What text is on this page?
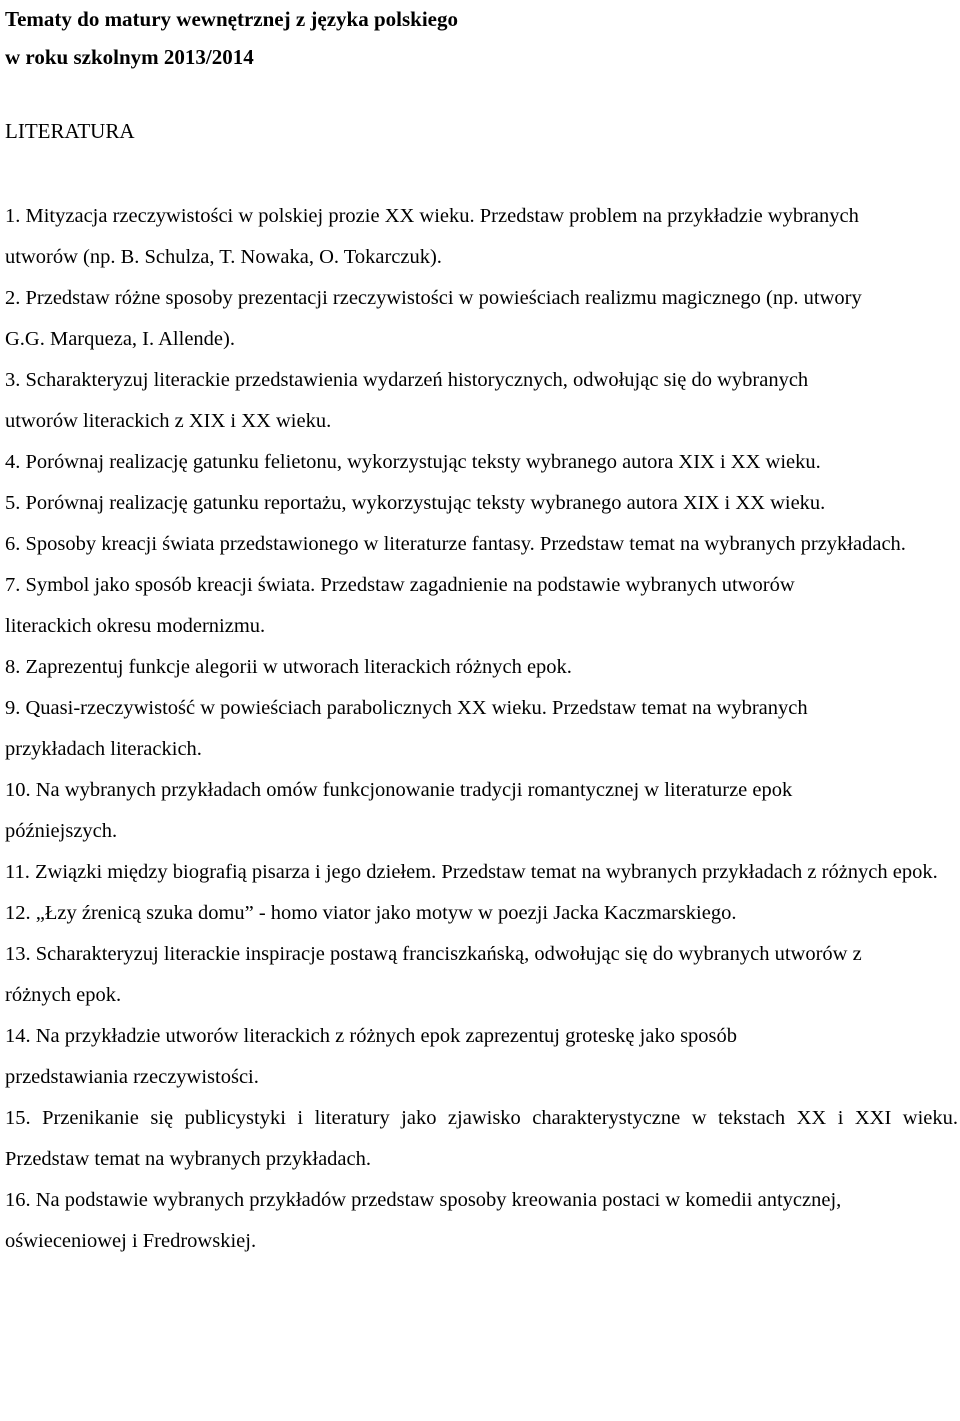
Tematy do matury wewnętrznej z języka polskiego
w roku szkolnym 2013/2014
LITERATURA

1. Mityzacja rzeczywistości w polskiej prozie XX wieku. Przedstaw problem na przykładzie wybranych utworów (np. B. Schulza, T. Nowaka, O. Tokarczuk).

2. Przedstaw różne sposoby prezentacji rzeczywistości w powieściach realizmu magicznego (np. utwory G.G. Marqueza, I. Allende).

3. Scharakteryzuj literackie przedstawienia wydarzeń historycznych, odwołując się do wybranych utworów literackich z XIX i XX wieku.

4. Porównaj realizację gatunku felietonu, wykorzystując teksty wybranego autora XIX i XX wieku.

5. Porównaj realizację gatunku reportażu, wykorzystując teksty wybranego autora XIX i XX wieku.

6. Sposoby kreacji świata przedstawionego w literaturze fantasy. Przedstaw temat na wybranych przykładach.

7. Symbol jako sposób kreacji świata. Przedstaw zagadnienie na podstawie wybranych utworów literackich okresu modernizmu.

8. Zaprezentuj funkcje alegorii w utworach literackich różnych epok.

9. Quasi-rzeczywistość w powieściach parabolicznych XX wieku. Przedstaw temat na wybranych przykładach literackich.

10. Na wybranych przykładach omów funkcjonowanie tradycji romantycznej w literaturze epok późniejszych.

11. Związki między biografią pisarza i jego dziełem. Przedstaw temat na wybranych przykładach z różnych epok.

12. „Łzy źrenicą szuka domu” - homo viator jako motyw w poezji Jacka Kaczmarskiego.

13. Scharakteryzuj literackie inspiracje postawą franciszkańską, odwołując się do wybranych utworów z różnych epok.

14. Na przykładzie utworów literackich z różnych epok zaprezentuj groteskę jako sposób przedstawiania rzeczywistości.

15. Przenikanie się publicystyki i literatury jako zjawisko charakterystyczne w tekstach XX i XXI wieku. Przedstaw temat na wybranych przykładach.

16. Na podstawie wybranych przykładów przedstaw sposoby kreowania postaci w komedii antycznej, oświeceniowej i Fredrowskiej.
